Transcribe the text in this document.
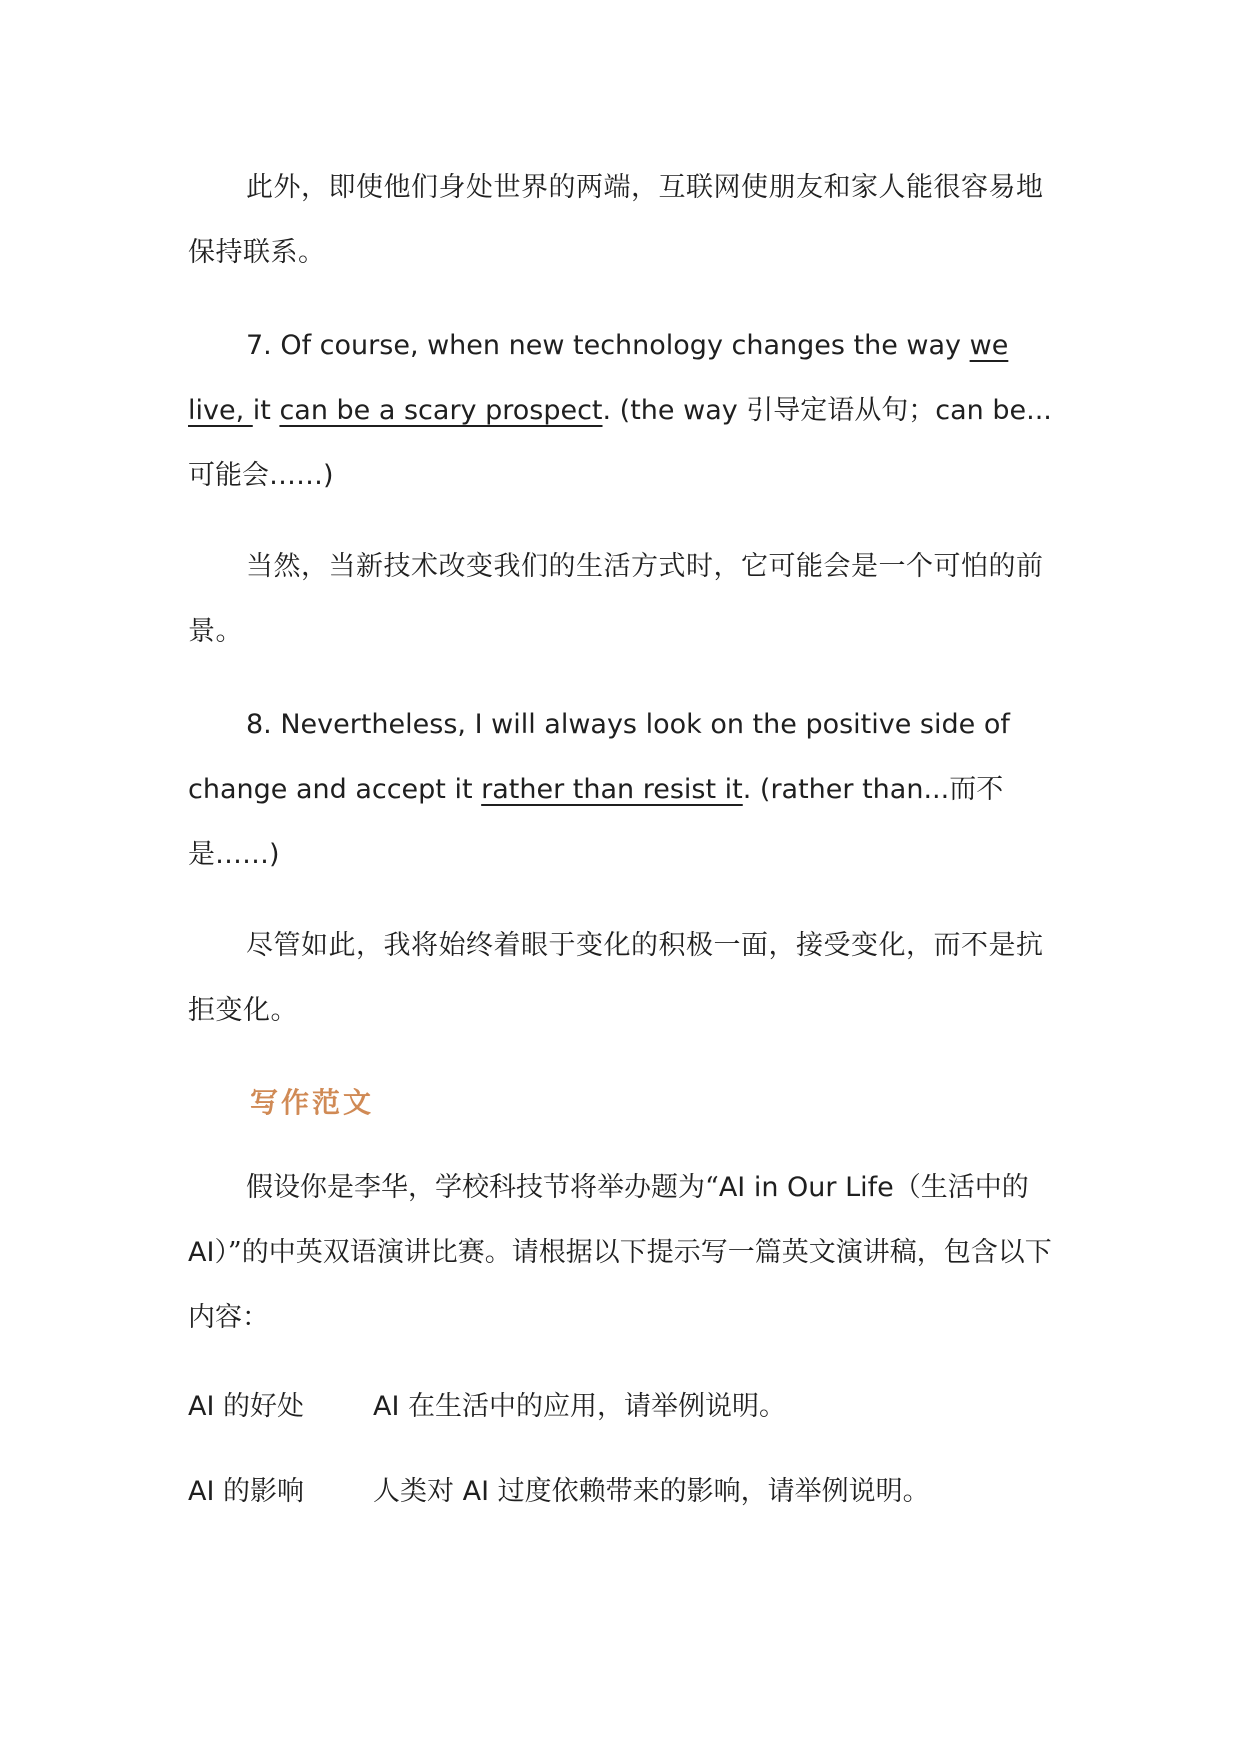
此外，即使他们身处世界的两端，互联网使朋友和家人能很容易地保持联系。

7. Of course, when new technology changes the way we live, it can be a scary prospect. (the way 引导定语从句；can be...可能会……)

当然，当新技术改变我们的生活方式时，它可能会是一个可怕的前景。

8. Nevertheless, I will always look on the positive side of change and accept it rather than resist it. (rather than...而不是……)

尽管如此，我将始终着眼于变化的积极一面，接受变化，而不是抗拒变化。

写作范文

假设你是李华，学校科技节将举办题为“AI in Our Life（生活中的 AI）”的中英双语演讲比赛。请根据以下提示写一篇英文演讲稿，包含以下内容：

AI 的好处	AI 在生活中的应用，请举例说明。
AI 的影响	人类对 AI 过度依赖带来的影响，请举例说明。
